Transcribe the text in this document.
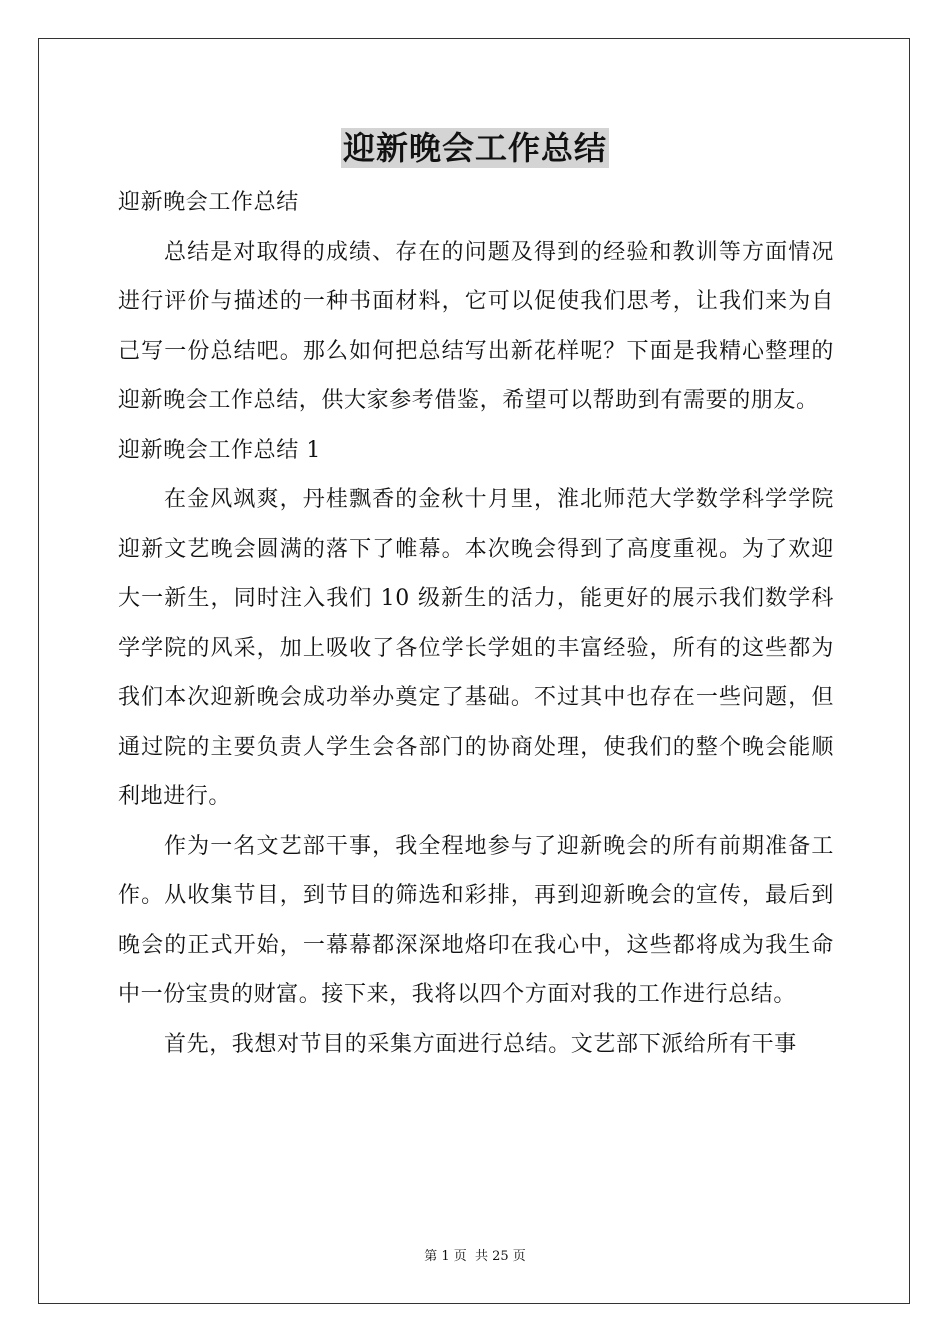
迎新晚会工作总结

迎新晚会工作总结

总结是对取得的成绩、存在的问题及得到的经验和教训等方面情况进行评价与描述的一种书面材料，它可以促使我们思考，让我们来为自己写一份总结吧。那么如何把总结写出新花样呢？下面是我精心整理的迎新晚会工作总结，供大家参考借鉴，希望可以帮助到有需要的朋友。

迎新晚会工作总结 1

在金风飒爽，丹桂飘香的金秋十月里，淮北师范大学数学科学学院迎新文艺晚会圆满的落下了帷幕。本次晚会得到了高度重视。为了欢迎大一新生，同时注入我们 10 级新生的活力，能更好的展示我们数学科学学院的风采，加上吸收了各位学长学姐的丰富经验，所有的这些都为我们本次迎新晚会成功举办奠定了基础。不过其中也存在一些问题，但通过院的主要负责人学生会各部门的协商处理，使我们的整个晚会能顺利地进行。

作为一名文艺部干事，我全程地参与了迎新晚会的所有前期准备工作。从收集节目，到节目的筛选和彩排，再到迎新晚会的宣传，最后到晚会的正式开始，一幕幕都深深地烙印在我心中，这些都将成为我生命中一份宝贵的财富。接下来，我将以四个方面对我的工作进行总结。

首先，我想对节目的采集方面进行总结。文艺部下派给所有干事

第 1 页 共 25 页
